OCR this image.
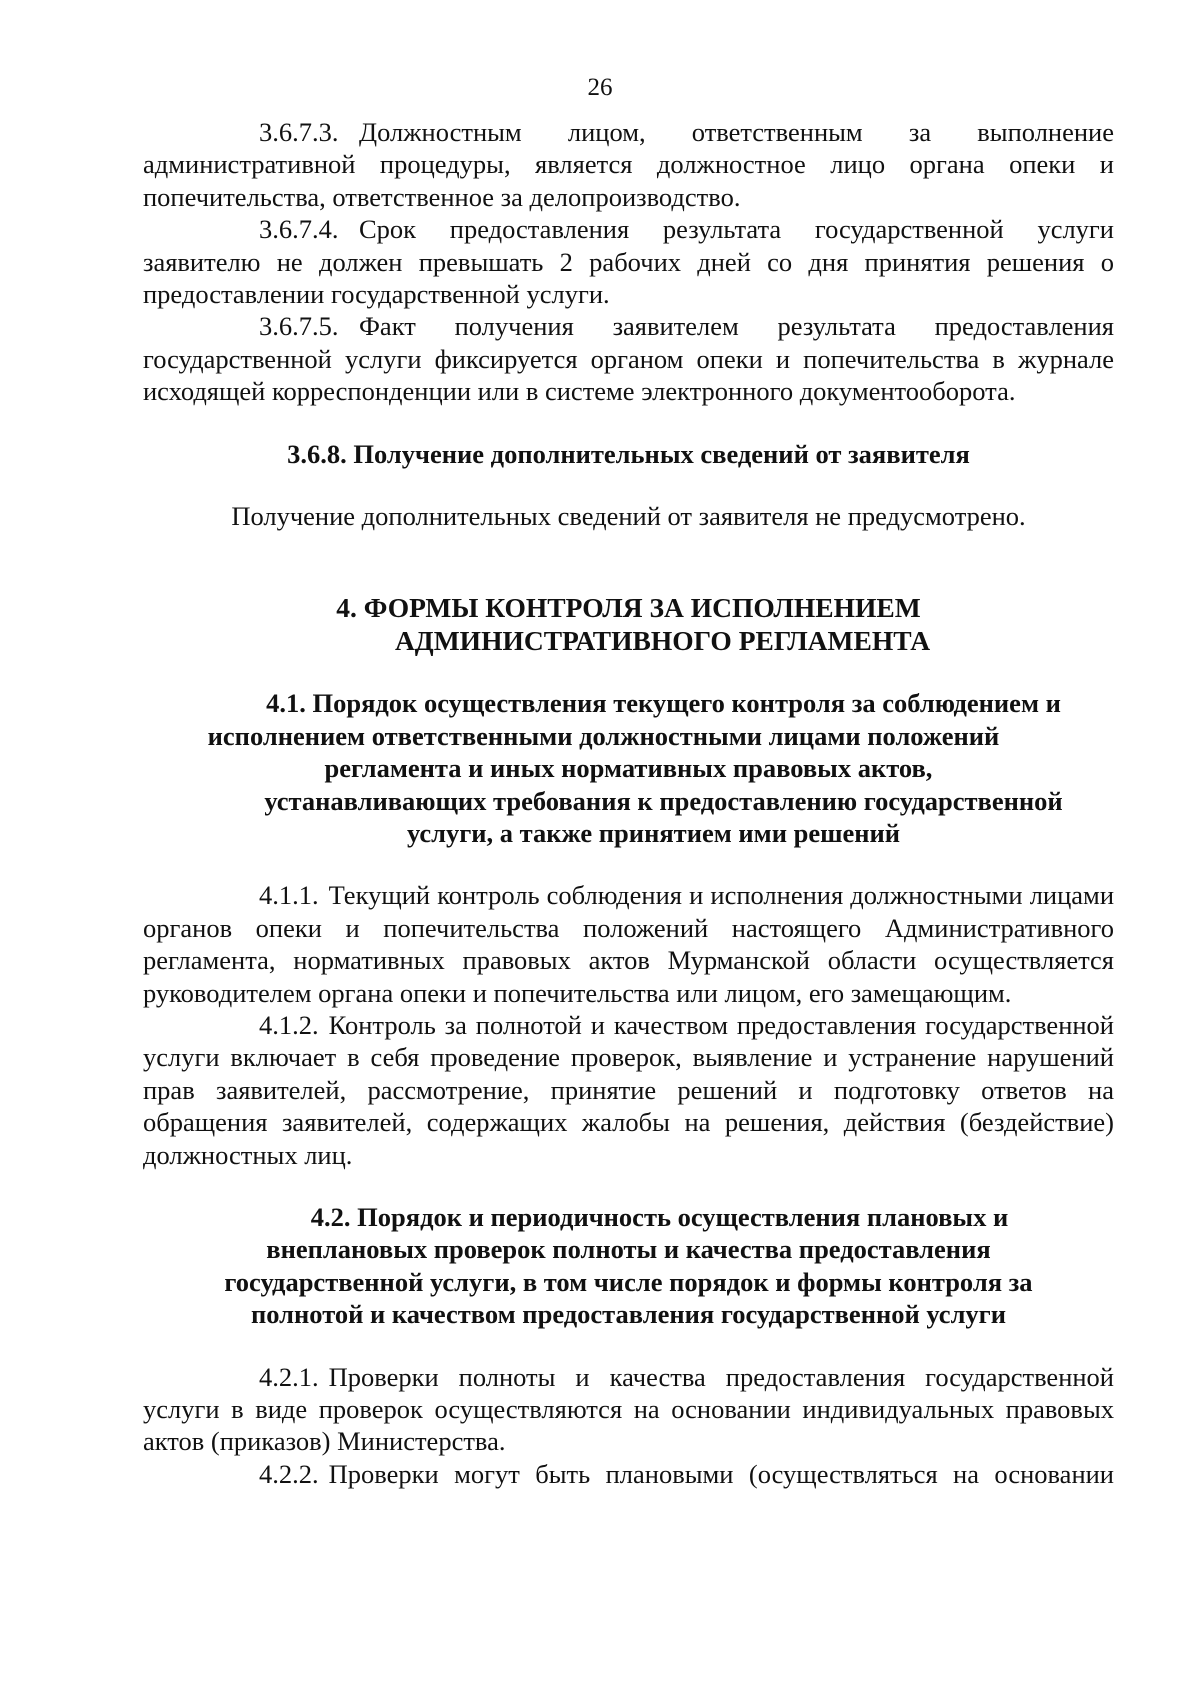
26

3.6.7.3. Должностным лицом, ответственным за выполнение административной процедуры, является должностное лицо органа опеки и попечительства, ответственное за делопроизводство.

3.6.7.4. Срок предоставления результата государственной услуги заявителю не должен превышать 2 рабочих дней со дня принятия решения о предоставлении государственной услуги.

3.6.7.5. Факт получения заявителем результата предоставления государственной услуги фиксируется органом опеки и попечительства в журнале исходящей корреспонденции или в системе электронного документооборота.

3.6.8. Получение дополнительных сведений от заявителя

Получение дополнительных сведений от заявителя не предусмотрено.

4. ФОРМЫ КОНТРОЛЯ ЗА ИСПОЛНЕНИЕМ

АДМИНИСТРАТИВНОГО РЕГЛАМЕНТА

4.1. Порядок осуществления текущего контроля за соблюдением и

исполнением ответственными должностными лицами положений

регламента и иных нормативных правовых актов,

устанавливающих требования к предоставлению государственной

услуги, а также принятием ими решений

4.1.1. Текущий контроль соблюдения и исполнения должностными лицами органов опеки и попечительства положений настоящего Административного регламента, нормативных правовых актов Мурманской области осуществляется руководителем органа опеки и попечительства или лицом, его замещающим.

4.1.2. Контроль за полнотой и качеством предоставления государственной услуги включает в себя проведение проверок, выявление и устранение нарушений прав заявителей, рассмотрение, принятие решений и подготовку ответов на обращения заявителей, содержащих жалобы на решения, действия (бездействие) должностных лиц.

4.2. Порядок и периодичность осуществления плановых и

внеплановых проверок полноты и качества предоставления

государственной услуги, в том числе порядок и формы контроля за

полнотой и качеством предоставления государственной услуги

4.2.1. Проверки полноты и качества предоставления государственной услуги в виде проверок осуществляются на основании индивидуальных правовых актов (приказов) Министерства.

4.2.2. Проверки могут быть плановыми (осуществляться на основании
